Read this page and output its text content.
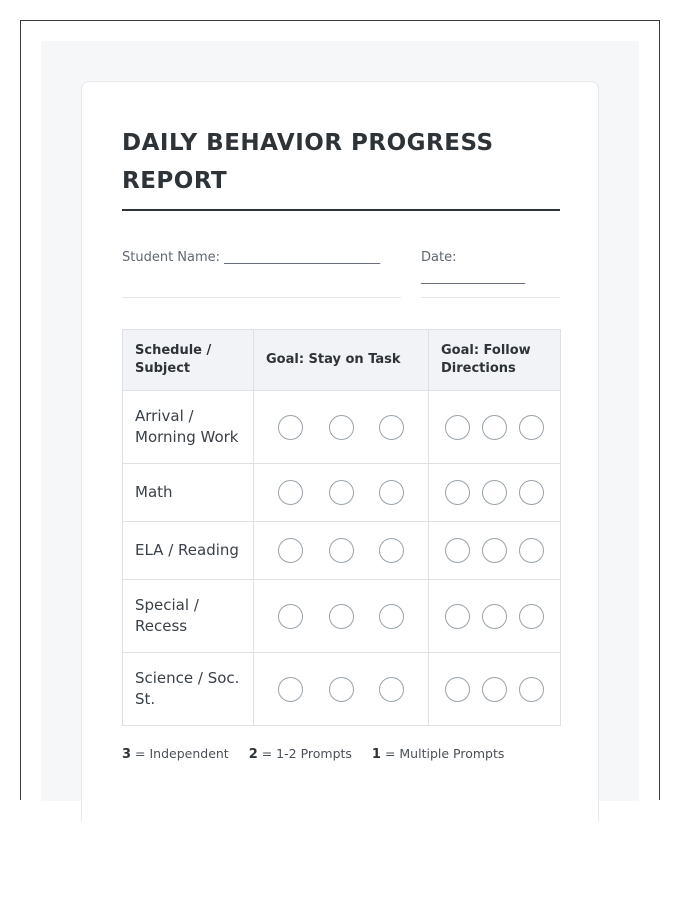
DAILY BEHAVIOR PROGRESS REPORT
Student Name: ________________________	Date: ________________
Schedule / Subject	Goal: Stay on Task	Goal: Follow Directions
Arrival / Morning Work	

Math	

ELA / Reading	

Special / Recess	

Science / Soc. St.	

3 = Independent 2 = 1-2 Prompts 1 = Multiple Prompts
